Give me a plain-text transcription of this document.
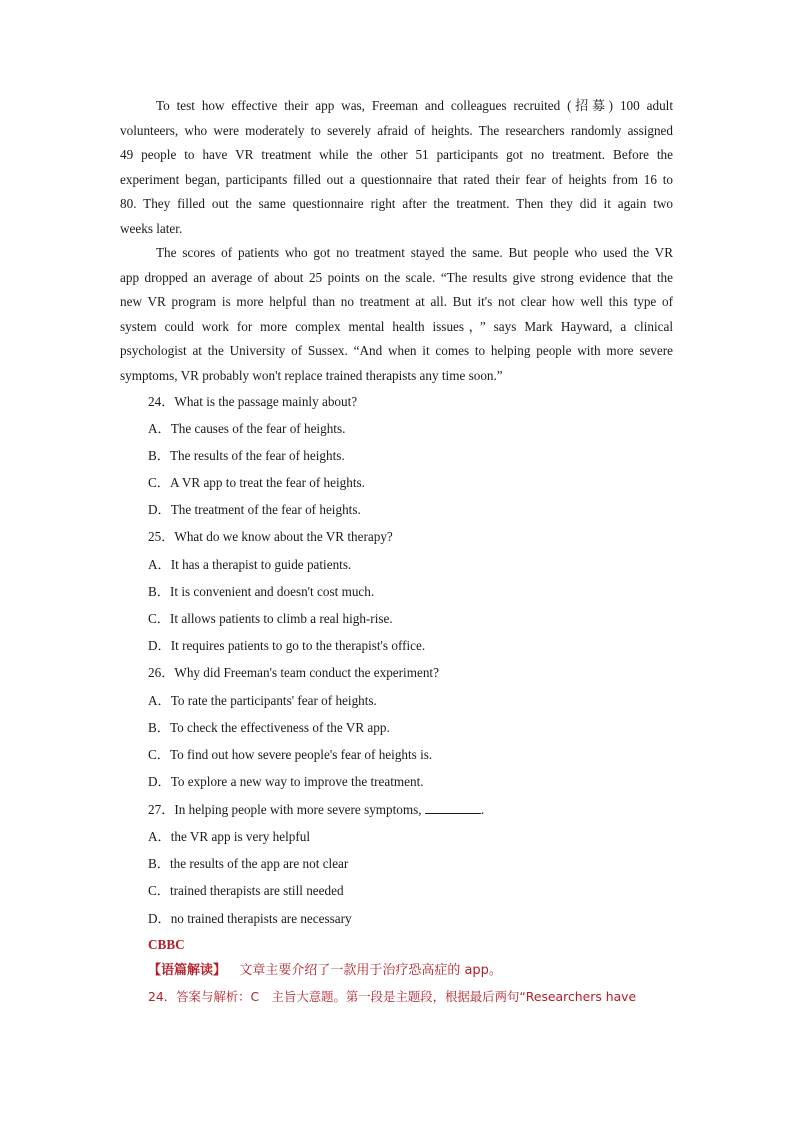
To test how effective their app was, Freeman and colleagues recruited (招募) 100 adult
volunteers, who were moderately to severely afraid of heights. The researchers randomly assigned
49 people to have VR treatment while the other 51 participants got no treatment. Before the
experiment began, participants filled out a questionnaire that rated their fear of heights from 16 to
80. They filled out the same questionnaire right after the treatment. Then they did it again two
weeks later.
The scores of patients who got no treatment stayed the same. But people who used the VR
app dropped an average of about 25 points on the scale. “The results give strong evidence that the
new VR program is more helpful than no treatment at all. But it's not clear how well this type of
system could work for more complex mental health issues，” says Mark Hayward, a clinical
psychologist at the University of Sussex. “And when it comes to helping people with more severe
symptoms, VR probably won't replace trained therapists any time soon.”
24．What is the passage mainly about?
A．The causes of the fear of heights.
B．The results of the fear of heights.
C．A VR app to treat the fear of heights.
D．The treatment of the fear of heights.
25．What do we know about the VR therapy?
A．It has a therapist to guide patients.
B．It is convenient and doesn't cost much.
C．It allows patients to climb a real high-rise.
D．It requires patients to go to the therapist's office.
26．Why did Freeman's team conduct the experiment?
A．To rate the participants' fear of heights.
B．To check the effectiveness of the VR app.
C．To find out how severe people's fear of heights is.
D．To explore a new way to improve the treatment.
27．In helping people with more severe symptoms,	.
A．the VR app is very helpful
B．the results of the app are not clear
C．trained therapists are still needed
D．no trained therapists are necessary
CBBC
【语篇解读】 文章主要介绍了一款用于治疗恐高症的 app。
24．答案与解析：C　主旨大意题。第一段是主题段，根据最后两句“Researchers have
